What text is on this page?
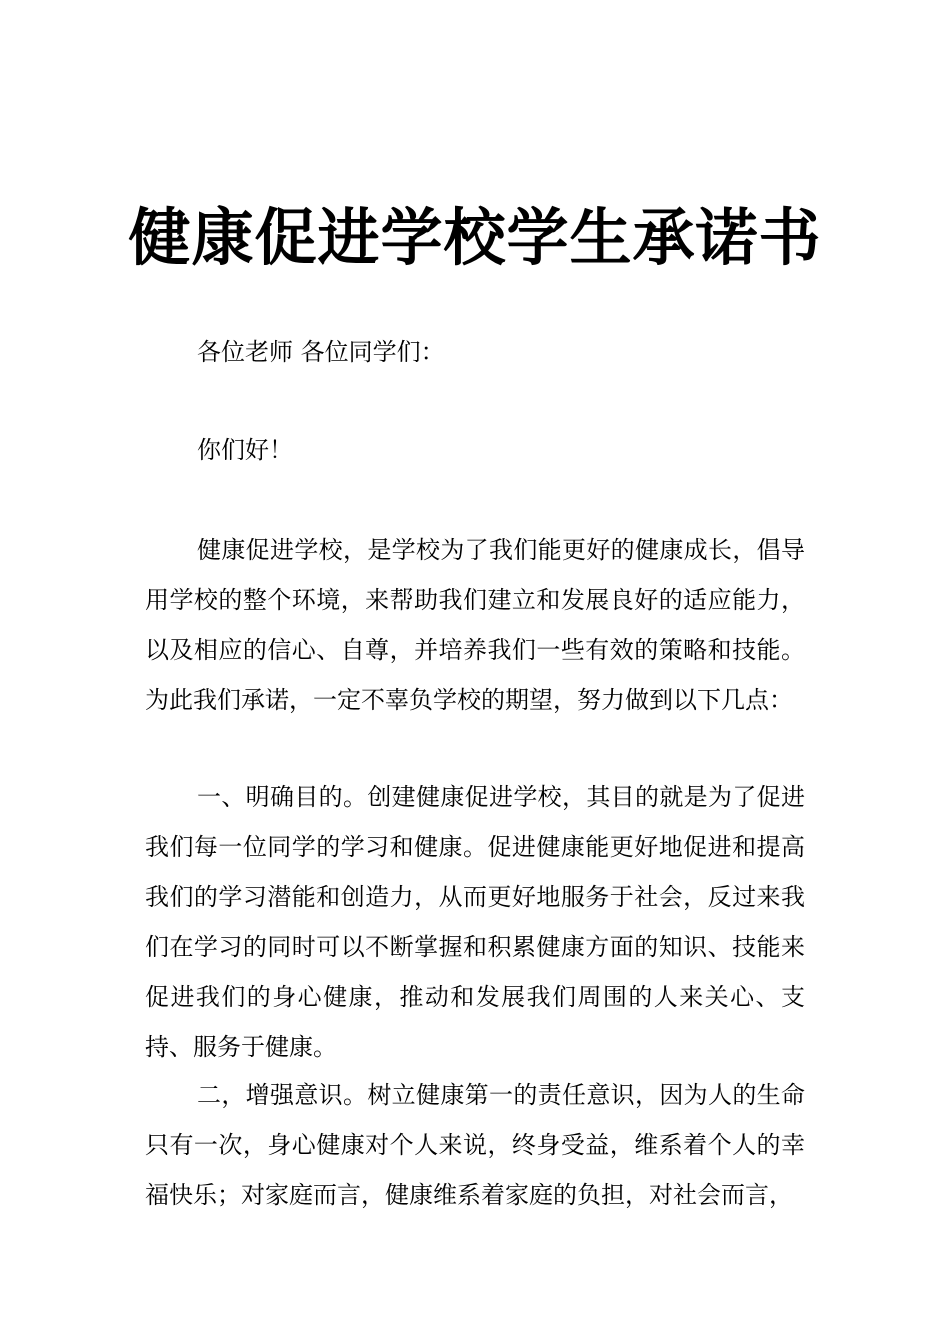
健康促进学校学生承诺书

各位老师 各位同学们：

你们好！

健康促进学校，是学校为了我们能更好的健康成长，倡导用学校的整个环境，来帮助我们建立和发展良好的适应能力，以及相应的信心、自尊，并培养我们一些有效的策略和技能。为此我们承诺，一定不辜负学校的期望，努力做到以下几点：

一、明确目的。创建健康促进学校，其目的就是为了促进我们每一位同学的学习和健康。促进健康能更好地促进和提高我们的学习潜能和创造力，从而更好地服务于社会，反过来我们在学习的同时可以不断掌握和积累健康方面的知识、技能来促进我们的身心健康，推动和发展我们周围的人来关心、支持、服务于健康。

二，增强意识。树立健康第一的责任意识，因为人的生命只有一次，身心健康对个人来说，终身受益，维系着个人的幸福快乐；对家庭而言，健康维系着家庭的负担，对社会而言，
